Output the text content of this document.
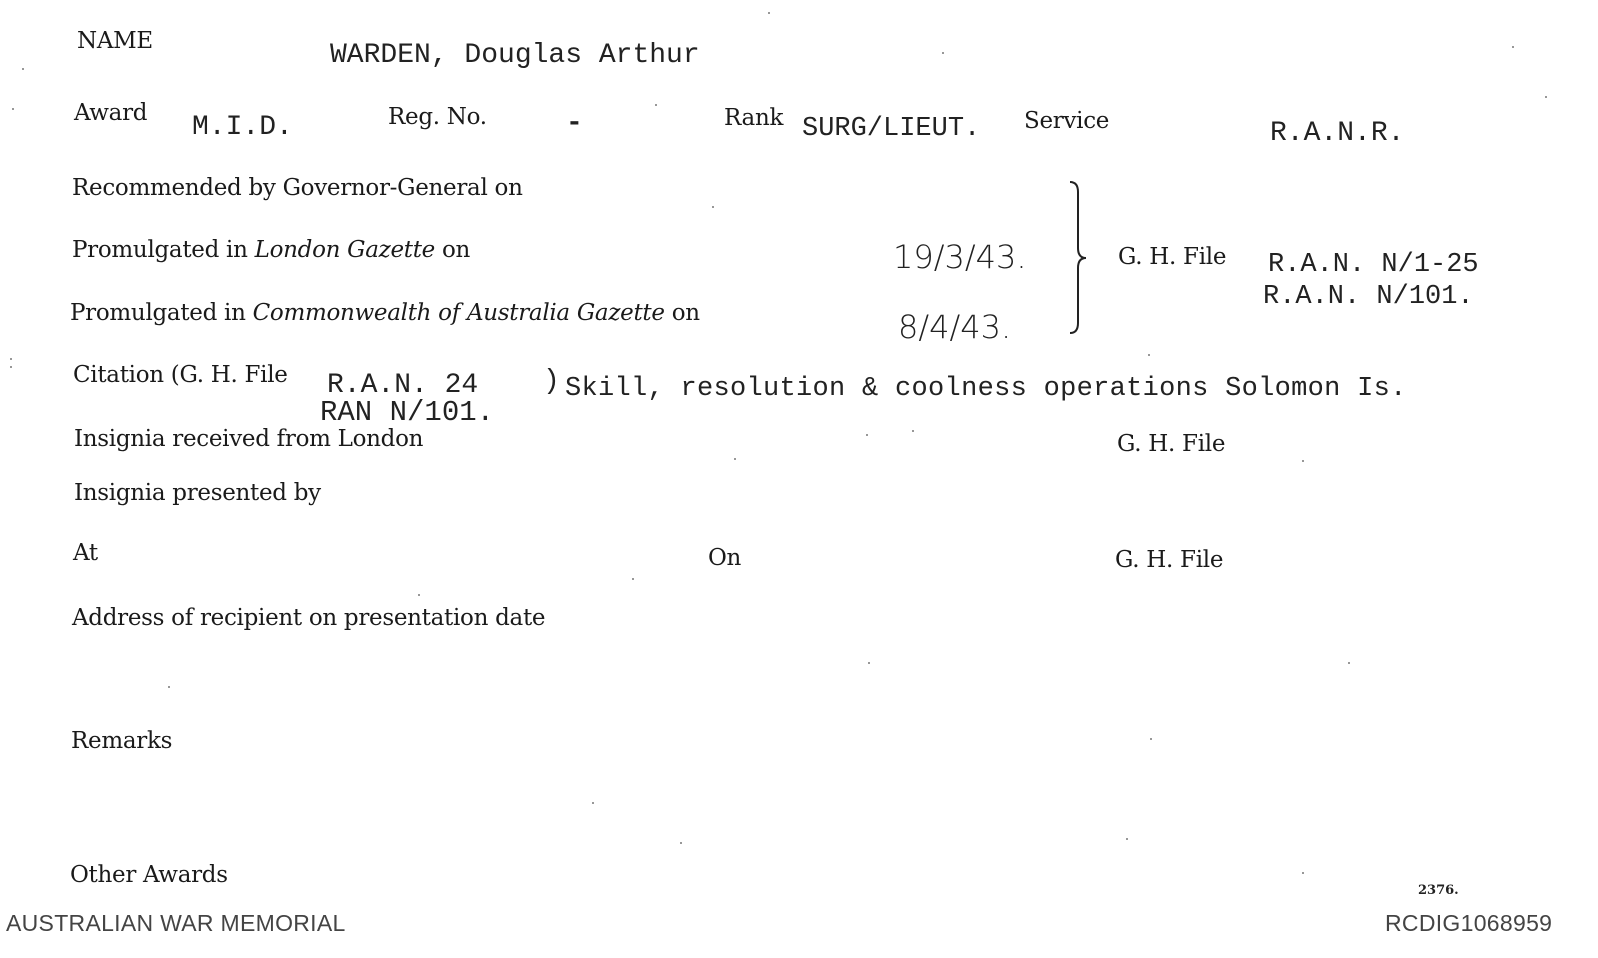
NAME	WARDEN, Douglas Arthur
Award M.I.D.	Reg. No.	-	Rank SURG/LIEUT. Service	R.A.N.R.
Recommended by Governor-General on
Promulgated in London Gazette on	19/3/43.
Promulgated in Commonwealth of Australia Gazette on	8/4/43.
G. H. File R.A.N. N/1-25
R.A.N. N/101.
Citation (G. H. File R.A.N. 24
RAN N/101.
) Skill, resolution & coolness operations Solomon Is.
Insignia received from London	G. H. File
Insignia presented by
At	On	G. H. File
Address of recipient on presentation date
Remarks
Other Awards
2376.
AUSTRALIAN WAR MEMORIAL	RCDIG1068959
